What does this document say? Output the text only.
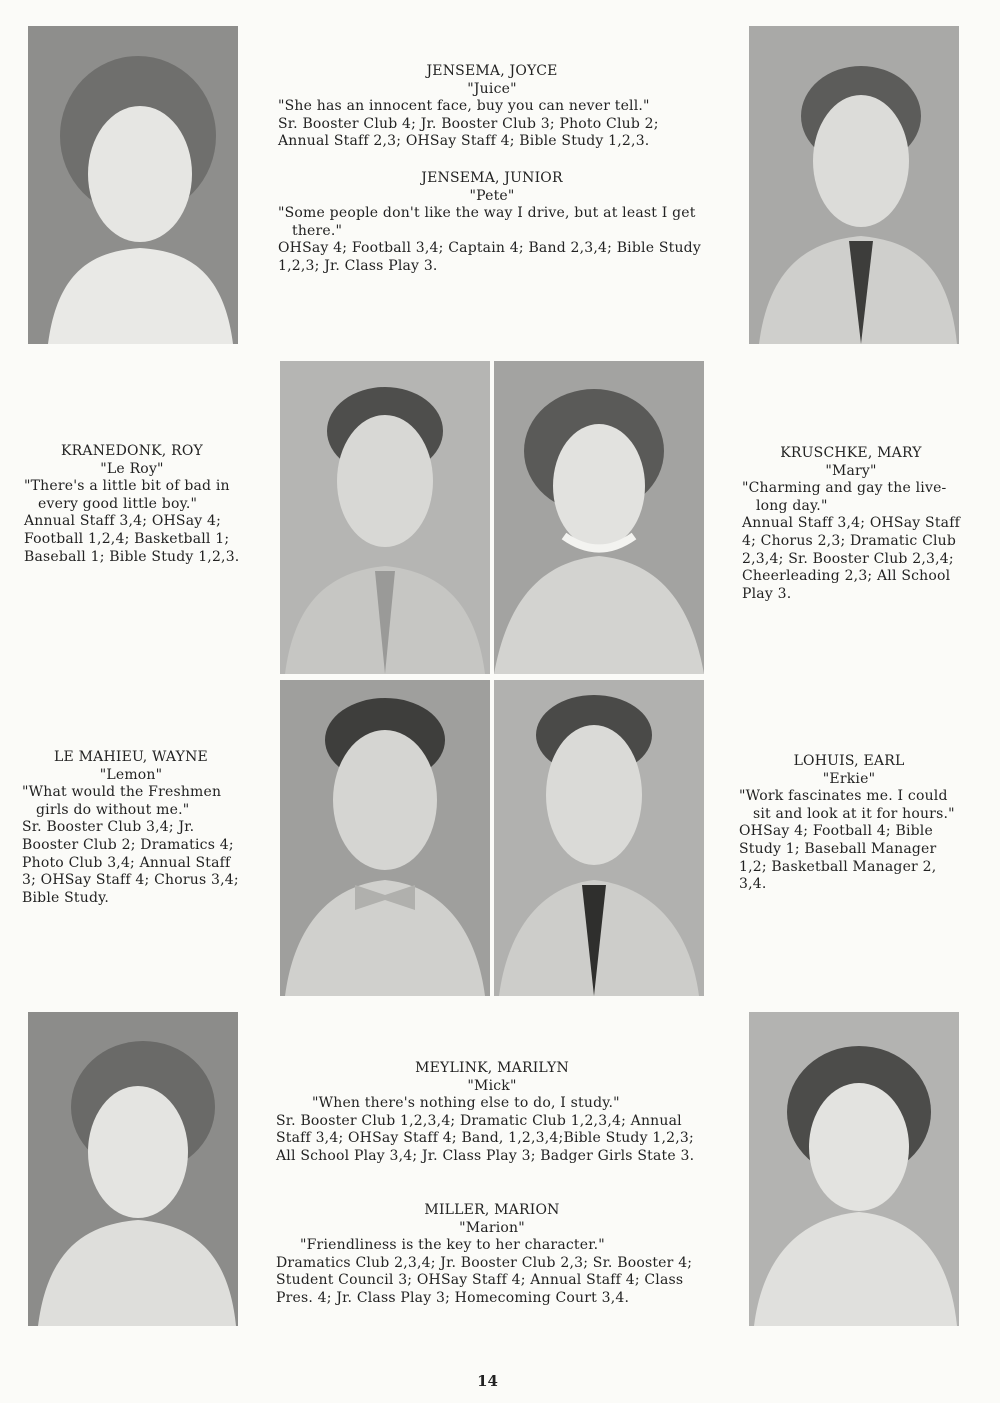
JENSEMA, JOYCE
"Juice"
"She has an innocent face, buy you can never tell."
Sr. Booster Club 4; Jr. Booster Club 3; Photo Club 2; Annual Staff 2,3; OHSay Staff 4; Bible Study 1,2,3.
JENSEMA, JUNIOR
"Pete"
"Some people don't like the way I drive, but at least I get there."
OHSay 4; Football 3,4; Captain 4; Band 2,3,4; Bible Study 1,2,3; Jr. Class Play 3.
KRANEDONK, ROY
"Le Roy"
"There's a little bit of bad in every good little boy."
Annual Staff 3,4; OHSay 4; Football 1,2,4; Basketball 1; Baseball 1; Bible Study 1,2,3.
KRUSCHKE, MARY
"Mary"
"Charming and gay the live-long day."
Annual Staff 3,4; OHSay Staff 4; Chorus 2,3; Dramatic Club 2,3,4; Sr. Booster Club 2,3,4; Cheerleading 2,3; All School Play 3.
LE MAHIEU, WAYNE
"Lemon"
"What would the Freshmen girls do without me."
Sr. Booster Club 3,4; Jr. Booster Club 2; Dramatics 4; Photo Club 3,4; Annual Staff 3; OHSay Staff 4; Chorus 3,4; Bible Study.
LOHUIS, EARL
"Erkie"
"Work fascinates me. I could sit and look at it for hours."
OHSay 4; Football 4; Bible Study 1; Baseball Manager 1,2; Basketball Manager 2, 3,4.
MEYLINK, MARILYN
"Mick"
"When there's nothing else to do, I study."
Sr. Booster Club 1,2,3,4; Dramatic Club 1,2,3,4; Annual Staff 3,4; OHSay Staff 4; Band, 1,2,3,4;Bible Study 1,2,3; All School Play 3,4; Jr. Class Play 3; Badger Girls State 3.
MILLER, MARION
"Marion"
"Friendliness is the key to her character."
Dramatics Club 2,3,4; Jr. Booster Club 2,3; Sr. Booster 4; Student Council 3; OHSay Staff 4; Annual Staff 4; Class Pres. 4; Jr. Class Play 3; Homecoming Court 3,4.
14
